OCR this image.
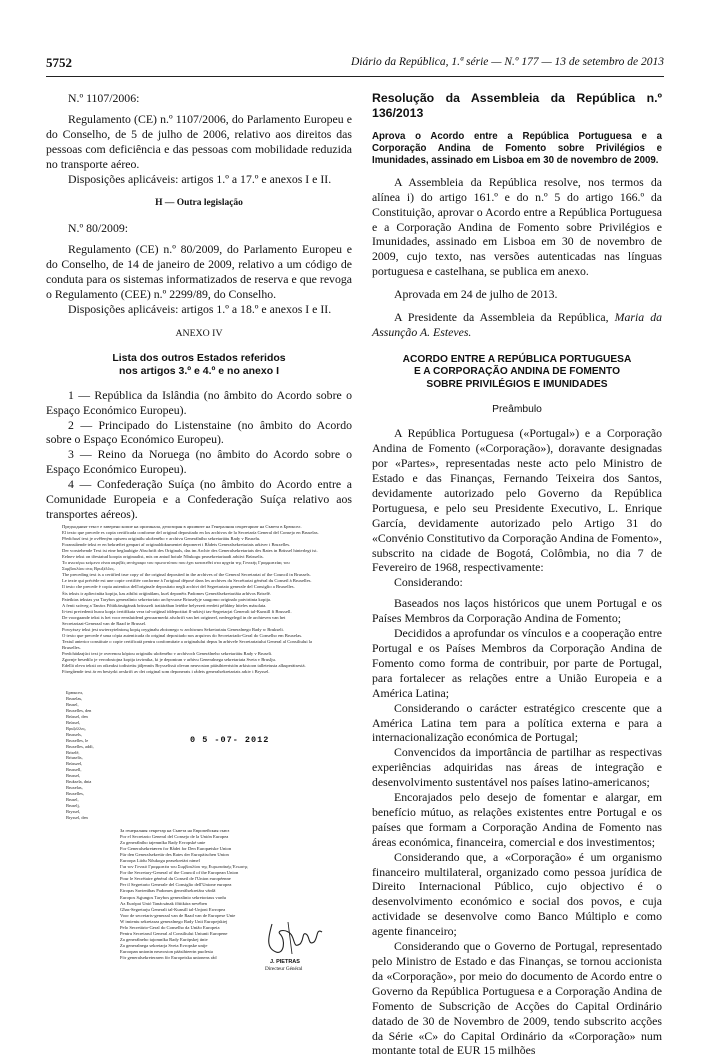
5752	Diário da República, 1.ª série — N.º 177 — 13 de setembro de 2013

N.º 1107/2006:

Regulamento (CE) n.º 1107/2006, do Parlamento Europeu e do Conselho, de 5 de julho de 2006, relativo aos direitos das pessoas com deficiência e das pessoas com mobilidade reduzida no transporte aéreo.

Disposições aplicáveis: artigos 1.º a 17.º e anexos I e II.

H — Outra legislação

N.º 80/2009:

Regulamento (CE) n.º 80/2009, do Parlamento Europeu e do Conselho, de 14 de janeiro de 2009, relativo a um código de conduta para os sistemas informatizados de reserva e que revoga o Regulamento (CEE) n.º 2299/89, do Conselho.

Disposições aplicáveis: artigos 1.º a 18.º e anexos I e II.

ANEXO IV
Lista dos outros Estados referidos
nos artigos 3.º e 4.º e no anexo I

1 — República da Islândia (no âmbito do Acordo sobre o Espaço Económico Europeu).

2 — Principado do Listenstaine (no âmbito do Acordo sobre o Espaço Económico Europeu).

3 — Reino da Noruega (no âmbito do Acordo sobre o Espaço Económico Europeu).

4 — Confederação Suíça (no âmbito do Acordo entre a Comunidade Europeia e a Confederação Suíça relativo aos transportes aéreos).

Предходният текст е заверено копие на оригинала, депозиран в архивите на Генералния секретариат на Съвета в Брюксел.
El texto que precede es copia certificada conforme del original depositado en los archivos de la Secretaría General del Consejo en Bruselas.
Předchozí text je ověřeným opisem originálu uloženého v archivu Generálního sekretariátu Rady v Bruselu.
Foranstående tekst er en bekræftet genpart af originaldokumentet deponeret i Rådets Generalsekretariats arkiver i Bruxelles.
Der vorstehende Text ist eine beglaubigte Abschrift des Originals, das im Archiv des Generalsekretariats des Rates in Brüssel hinterlegt ist.
Eelnev tekst on tõestatud koopia originaalist, mis on antud hoiule Nõukogu peasekretariaadi arhiivi Brüsselis.
Το ανωτέρω κείμενο είναι ακριβές αντίγραφο του πρωτοτύπου που έχει κατατεθεί στα αρχεία της Γενικής Γραμματείας του
Συμβουλίου στις Βρυξέλλες.
The preceding text is a certified true copy of the original deposited in the archives of the General Secretariat of the Council in Brussels.
Le texte qui précède est une copie certifiée conforme à l'original déposé dans les archives du Secrétariat général du Conseil à Bruxelles.
Il testo che precede è copia autentica dell'originale depositato negli archivi del Segretariato generale del Consiglio a Bruxelles.
Šis teksts ir apliecināta kopija, kas atbilst oriģinālam, kurš deponēts Padomes Ģenerālsekretariāta arhīvos Briselē.
Pateiktas tekstas yra Tarybos generalinio sekretoriato archyvuose Briuselyje saugomo originalo patvirtinta kopija.
A fenti szöveg a Tanács Főtitkárságának brüsszeli irattárában letétbe helyezett eredeti példány hiteles másolata.
It-test preċedenti huwa kopja ċertifikata vera tal-oriġinal iddepożitat fl-arkivji tas-Segretarjat Ġenerali tal-Kunsill fi Brussell.
De voorgaande tekst is het voor eensluidend gewaarmerkt afschrift van het origineel, nedergelegd in de archieven van het
Secretariaat-Generaal van de Raad te Brussel.
Powyższy tekst jest uwierzytelnioną kopią oryginału złożonego w archiwum Sekretariatu Generalnego Rady w Brukseli.
O texto que precede é uma cópia autenticada do original depositado nos arquivos do Secretariado-Geral do Conselho em Bruxelas.
Textul anterior constituie o copie certificată pentru conformitate a originalului depus în arhivele Secretariatului General al Consiliului la
Bruxelles.
Predchádzajúci text je overenou kópiou originálu uloženého v archívoch Generálneho sekretariátu Rady v Bruseli.
Zgornje besedilo je verodostojna kopija izvirnika, ki je deponiran v arhivu Generalnega sekretariata Sveta v Bruslju.
Edellä oleva teksti on oikeaksi todistettu jäljennös Brysselissä olevan neuvoston pääsihteeristön arkistoon talletetusta alkuperäisestä.
Föregående text är en bestyrkt avskrift av det original som deponerats i rådets generalsekretariats arkiv i Bryssel.
Брюксел,
Bruselas,
Brusel,
Bruxelles, den
Brüssel, den
Brüssel,
Βρυξέλλες,
Brussels,
Bruxelles, le
Bruxelles, addì,
Briselē,
Briuselis,
Brüsszel,
Brussell,
Brussel,
Bruksela, dnia
Bruxelas,
Bruxelles,
Brusel,
Bruselj,
Bryssel,
Bryssel, den
0 5 -07- 2012
За генералния секретар на Съвета на Европейския съюз
Por el Secretario General del Consejo de la Unión Europea
Za generálního tajemníka Rady Evropské unie
For Generalsekretæren for Rådet for Den Europæiske Union
Für den Generalsekretär des Rates der Europäischen Union
Euroopa Liidu Nõukogu peasekretäri nimel
Για τον Γενικό Γραμματέα του Συμβουλίου της Ευρωπαϊκής Ένωσης
For the Secretary-General of the Council of the European Union
Pour le Secrétaire général du Conseil de l'Union européenne
Per il Segretario Generale del Consiglio dell'Unione europea
Eiropas Savienības Padomes ģenerālsekretāra vārdā
Europos Sąjungos Tarybos generalinio sekretoriaus vardu
Az Európai Unió Tanácsának főtitkára nevében
Għas-Segretarju Ġenerali tal-Kunsill tal-Unjoni Ewropea
Voor de secretaris-generaal van de Raad van de Europese Unie
W imieniu sekretarza generalnego Rady Unii Europejskiej
Pelo Secretário-Geral do Conselho da União Europeia
Pentru Secretarul General al Consiliului Uniunii Europene
Za generálneho tajomníka Rady Európskej únie
Za generalnega sekretarja Sveta Evropske unije
Euroopan unionin neuvoston pääsihteerin puolesta
För generalsekreteraren för Europeiska unionens råd
J. PIETRAS
Directeur Général
Resolução da Assembleia da República n.º 136/2013
Aprova o Acordo entre a República Portuguesa e a Corporação Andina de Fomento sobre Privilégios e Imunidades, assinado em Lisboa em 30 de novembro de 2009.

A Assembleia da República resolve, nos termos da alínea i) do artigo 161.º e do n.º 5 do artigo 166.º da Constituição, aprovar o Acordo entre a República Portuguesa e a Corporação Andina de Fomento sobre Privilégios e Imunidades, assinado em Lisboa em 30 de novembro de 2009, cujo texto, nas versões autenticadas nas línguas portuguesa e castelhana, se publica em anexo.

Aprovada em 24 de julho de 2013.

A Presidente da Assembleia da República, Maria da Assunção A. Esteves.

ACORDO ENTRE A REPÚBLICA PORTUGUESA
E A CORPORAÇÃO ANDINA DE FOMENTO
SOBRE PRIVILÉGIOS E IMUNIDADES
Preâmbulo

A República Portuguesa («Portugal») e a Corporação Andina de Fomento («Corporação»), doravante designadas por «Partes», representadas neste acto pelo Ministro de Estado e das Finanças, Fernando Teixeira dos Santos, devidamente autorizado pelo Governo da República Portuguesa, e pelo seu Presidente Executivo, L. Enrique García, devidamente autorizado pelo Artigo 31 do «Convénio Constitutivo da Corporação Andina de Fomento», subscrito na cidade de Bogotá, Colômbia, no dia 7 de Fevereiro de 1968, respectivamente:

Considerando:

Baseados nos laços históricos que unem Portugal e os Países Membros da Corporação Andina de Fomento;

Decididos a aprofundar os vínculos e a cooperação entre Portugal e os Países Membros da Corporação Andina de Fomento como forma de contribuir, por parte de Portugal, para fortalecer as relações entre a União Europeia e a América Latina;

Considerando o carácter estratégico crescente que a América Latina tem para a política externa e para a internacionalização económica de Portugal;

Convencidos da importância de partilhar as respectivas experiências adquiridas nas áreas de integração e desenvolvimento sustentável nos países latino-americanos;

Encorajados pelo desejo de fomentar e alargar, em benefício mútuo, as relações existentes entre Portugal e os países que formam a Corporação Andina de Fomento nas áreas económica, financeira, comercial e dos investimentos;

Considerando que, a «Corporação» é um organismo financeiro multilateral, organizado como pessoa jurídica de Direito Internacional Público, cujo objectivo é o desenvolvimento económico e social dos povos, e cuja actividade se desenvolve como Banco Múltiplo e como agente financeiro;

Considerando que o Governo de Portugal, representado pelo Ministro de Estado e das Finanças, se tornou accionista da «Corporação», por meio do documento de Acordo entre o Governo da República Portuguesa e a Corporação Andina de Fomento de Subscrição de Acções do Capital Ordinário datado de 30 de Novembro de 2009, tendo subscrito acções da Série «C» do Capital Ordinário da «Corporação» num montante total de EUR 15 milhões
